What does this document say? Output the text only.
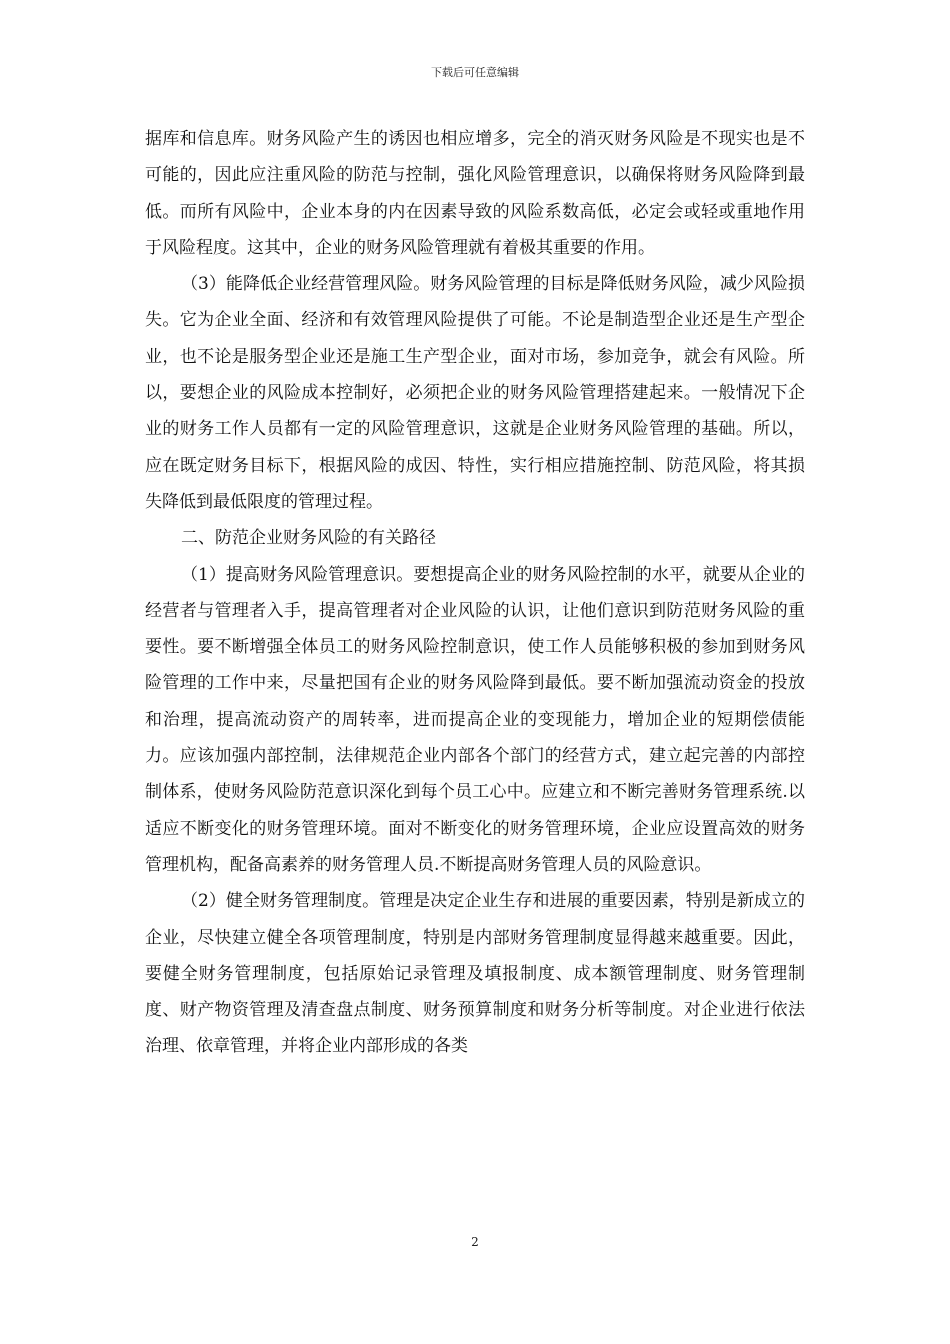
下载后可任意编辑

据库和信息库。财务风险产生的诱因也相应增多，完全的消灭财务风险是不现实也是不可能的，因此应注重风险的防范与控制，强化风险管理意识，以确保将财务风险降到最低。而所有风险中，企业本身的内在因素导致的风险系数高低，必定会或轻或重地作用于风险程度。这其中，企业的财务风险管理就有着极其重要的作用。

（3）能降低企业经营管理风险。财务风险管理的目标是降低财务风险，减少风险损失。它为企业全面、经济和有效管理风险提供了可能。不论是制造型企业还是生产型企业，也不论是服务型企业还是施工生产型企业，面对市场，参加竞争，就会有风险。所以，要想企业的风险成本控制好，必须把企业的财务风险管理搭建起来。一般情况下企业的财务工作人员都有一定的风险管理意识，这就是企业财务风险管理的基础。所以，应在既定财务目标下，根据风险的成因、特性，实行相应措施控制、防范风险，将其损失降低到最低限度的管理过程。

二、防范企业财务风险的有关路径

（1）提高财务风险管理意识。要想提高企业的财务风险控制的水平，就要从企业的经营者与管理者入手，提高管理者对企业风险的认识，让他们意识到防范财务风险的重要性。要不断增强全体员工的财务风险控制意识，使工作人员能够积极的参加到财务风险管理的工作中来，尽量把国有企业的财务风险降到最低。要不断加强流动资金的投放和治理，提高流动资产的周转率，进而提高企业的变现能力，增加企业的短期偿债能力。应该加强内部控制，法律规范企业内部各个部门的经营方式，建立起完善的内部控制体系，使财务风险防范意识深化到每个员工心中。应建立和不断完善财务管理系统.以适应不断变化的财务管理环境。面对不断变化的财务管理环境，企业应设置高效的财务管理机构，配备高素养的财务管理人员.不断提高财务管理人员的风险意识。

（2）健全财务管理制度。管理是决定企业生存和进展的重要因素，特别是新成立的企业，尽快建立健全各项管理制度，特别是内部财务管理制度显得越来越重要。因此，要健全财务管理制度，包括原始记录管理及填报制度、成本额管理制度、财务管理制度、财产物资管理及清查盘点制度、财务预算制度和财务分析等制度。对企业进行依法治理、依章管理，并将企业内部形成的各类

2
